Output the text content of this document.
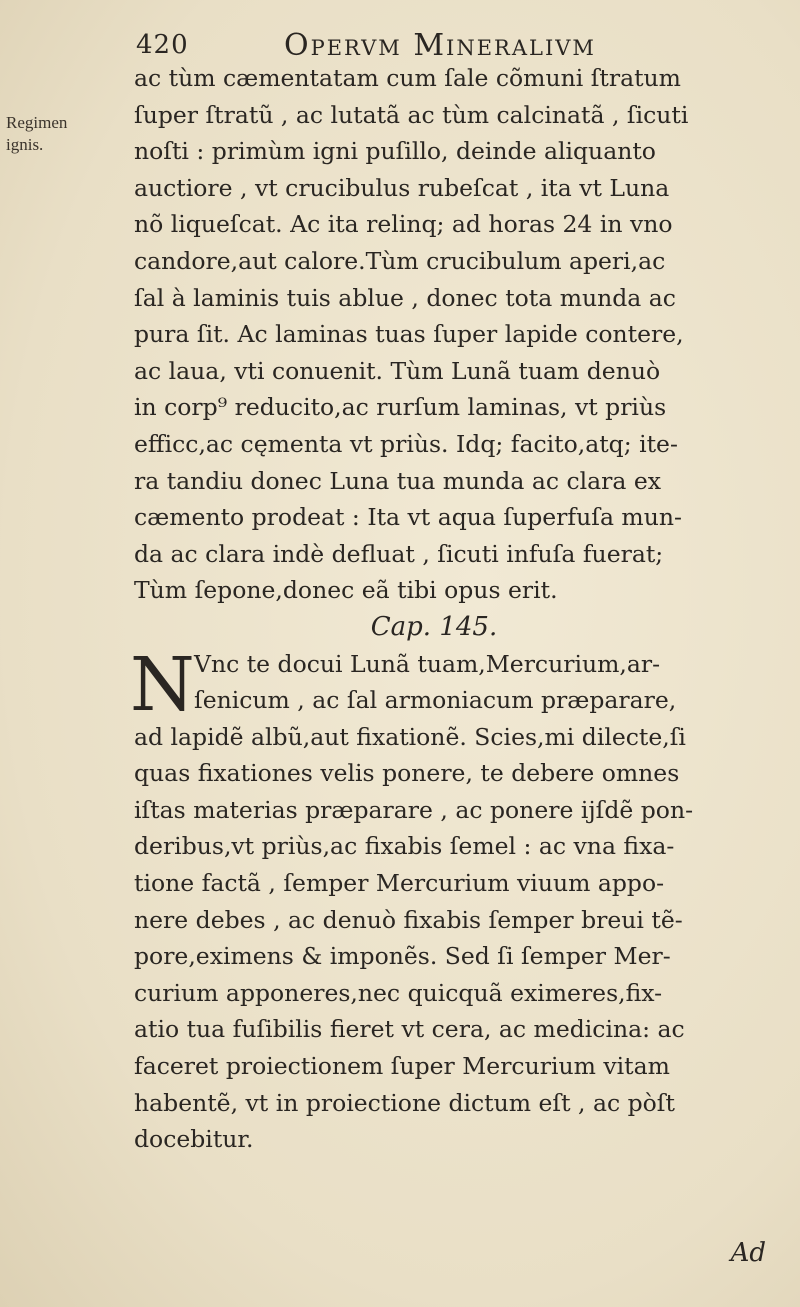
420	Opervm Mineralivm
Regimen
ignis.
ac tùm cæmentatam cum ſale cõmuni ſtratum
ſuper ſtratũ , ac lutatã ac tùm calcinatã , ſicuti
noſti : primùm igni puſillo, deinde aliquanto
auctiore , vt crucibulus rubeſcat , ita vt Luna
nõ liqueſcat. Ac ita relinq; ad horas 24 in vno
candore,aut calore.Tùm crucibulum aperi,ac
ſal à laminis tuis ablue , donec tota munda ac
pura ſit. Ac laminas tuas ſuper lapide contere,
ac laua, vti conuenit. Tùm Lunã tuam denuò
in corp⁹ reducito,ac rurſum laminas, vt priùs
efficc,ac cęmenta vt priùs. Idq; facito,atq; ite-
ra tandiu donec Luna tua munda ac clara ex
cæmento prodeat : Ita vt aqua ſuperfuſa mun-
da ac clara indè defluat , ſicuti infuſa fuerat;
Tùm ſepone,donec eã tibi opus erit.
Cap. 145.
N Vnc te docui Lunã tuam,Mercurium,ar-
ſenicum , ac ſal armoniacum præparare,
ad lapidẽ albũ,aut fixationẽ. Scies,mi dilecte,ſi
quas fixationes velis ponere, te debere omnes
iſtas materias præparare , ac ponere ijſdẽ pon-
deribus,vt priùs,ac fixabis ſemel : ac vna fixa-
tione factã , ſemper Mercurium viuum appo-
nere debes , ac denuò fixabis ſemper breui tẽ-
pore,eximens & imponẽs. Sed ſi ſemper Mer-
curium apponeres,nec quicquã eximeres,fix-
atio tua fuſibilis fieret vt cera, ac medicina: ac
faceret proiectionem ſuper Mercurium vitam
habentẽ, vt in proiectione dictum eſt , ac pòſt
docebitur.
Ad
